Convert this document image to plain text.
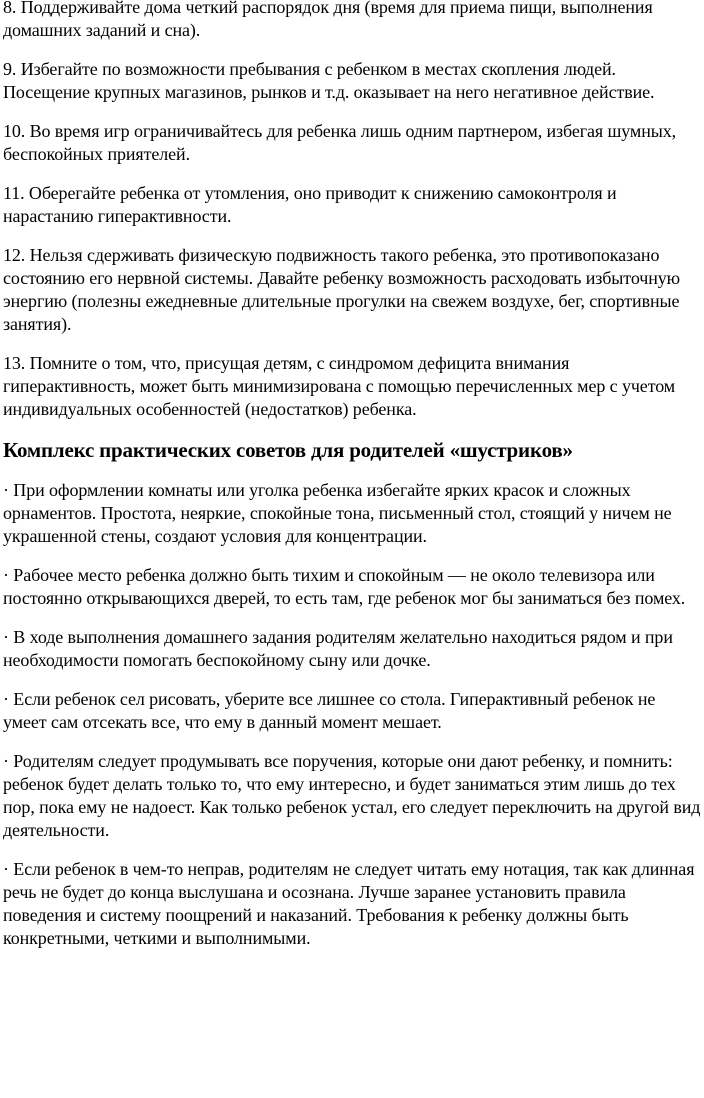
8. Поддерживайте дома четкий распорядок дня (время для приема пищи, выполнения домашних заданий и сна).

9. Избегайте по возможности пребывания с ребенком в местах скопления людей. Посещение крупных магазинов, рынков и т.д. оказывает на него негативное действие.

10. Во время игр ограничивайтесь для ребенка лишь одним партнером, избегая шумных, беспокойных приятелей.

11. Оберегайте ребенка от утомления, оно приводит к снижению самоконтроля и нарастанию гиперактивности.

12. Нельзя сдерживать физическую подвижность такого ребенка, это противопоказано состоянию его нервной системы. Давайте ребенку возможность расходовать избыточную энергию (полезны ежедневные длительные прогулки на свежем воздухе, бег, спортивные занятия).

13. Помните о том, что, присущая детям, с синдромом дефицита внимания гиперактивность, может быть минимизирована с помощью перечисленных мер с учетом индивидуальных особенностей (недостатков) ребенка.

Комплекс практических советов для родителей «шустриков»

· При оформлении комнаты или уголка ребенка избегайте ярких красок и сложных орнаментов. Простота, неяркие, спокойные тона, письменный стол, стоящий у ничем не украшенной стены, создают условия для концентрации.

· Рабочее место ребенка должно быть тихим и спокойным — не около телевизора или постоянно открывающихся дверей, то есть там, где ребенок мог бы заниматься без помех.

· В ходе выполнения домашнего задания родителям желательно находиться рядом и при необходимости помогать беспокойному сыну или дочке.

· Если ребенок сел рисовать, уберите все лишнее со стола. Гиперактивный ребенок не умеет сам отсекать все, что ему в данный момент мешает.

· Родителям следует продумывать все поручения, которые они дают ребенку, и помнить: ребенок будет делать только то, что ему интересно, и будет заниматься этим лишь до тех пор, пока ему не надоест. Как только ребенок устал, его следует переключить на другой вид деятельности.

· Если ребенок в чем-то неправ, родителям не следует читать ему нотация, так как длинная речь не будет до конца выслушана и осознана. Лучше заранее установить правила поведения и систему поощрений и наказаний. Требования к ребенку должны быть конкретными, четкими и выполнимыми.
